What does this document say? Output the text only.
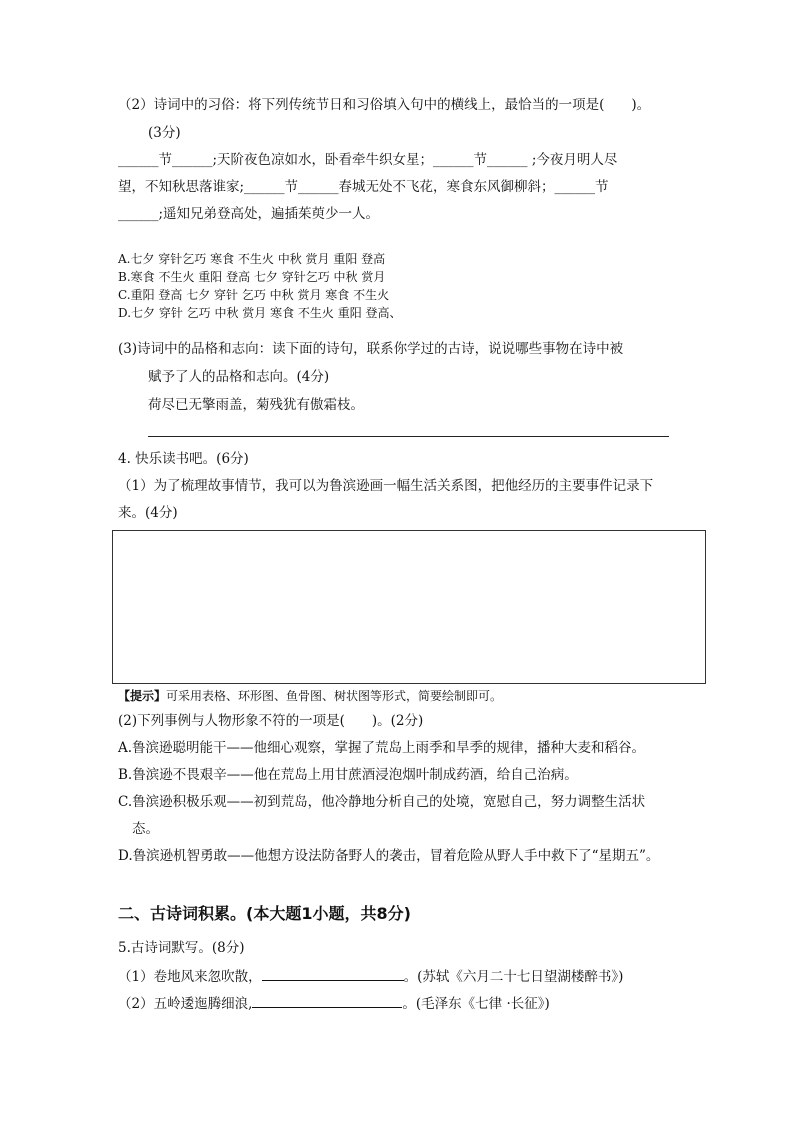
（2）诗词中的习俗：将下列传统节日和习俗填入句中的横线上，最恰当的一项是(　　)。
(3分)
______节______;天阶夜色凉如水，卧看牵牛织女星；______节______ ;今夜月明人尽
望，不知秋思落谁家;______节______春城无处不飞花，寒食东风御柳斜；______节
______;遥知兄弟登高处，遍插茱萸少一人。
A.七夕 穿针乞巧 寒食 不生火 中秋 赏月 重阳 登高
B.寒食 不生火 重阳 登高 七夕 穿针乞巧 中秋 赏月
C.重阳 登高 七夕 穿针 乞巧 中秋 赏月 寒食 不生火
D.七夕 穿针 乞巧 中秋 赏月 寒食 不生火 重阳 登高、
(3)诗词中的品格和志向：读下面的诗句，联系你学过的古诗，说说哪些事物在诗中被
赋予了人的品格和志向。(4分)
荷尽已无擎雨盖，菊残犹有傲霜枝。
4. 快乐读书吧。(6分)
（1）为了梳理故事情节，我可以为鲁滨逊画一幅生活关系图，把他经历的主要事件记录下
来。(4分)
【提示】可采用表格、环形图、鱼骨图、树状图等形式，简要绘制即可。
(2)下列事例与人物形象不符的一项是(　　)。(2分)
A.鲁滨逊聪明能干——他细心观察，掌握了荒岛上雨季和旱季的规律，播种大麦和稻谷。
B.鲁滨逊不畏艰辛——他在荒岛上用甘蔗酒浸泡烟叶制成药酒，给自己治病。
C.鲁滨逊积极乐观——初到荒岛，他冷静地分析自己的处境，宽慰自己，努力调整生活状
态。
D.鲁滨逊机智勇敢——他想方设法防备野人的袭击，冒着危险从野人手中救下了“星期五”。
二、古诗词积累。(本大题1小题，共8分)
5.古诗词默写。(8分)
（1）卷地风来忽吹散，	。(苏轼《六月二十七日望湖楼醉书》)
（2）五岭逶迤腾细浪,	。(毛泽东《七律 ·长征》)
